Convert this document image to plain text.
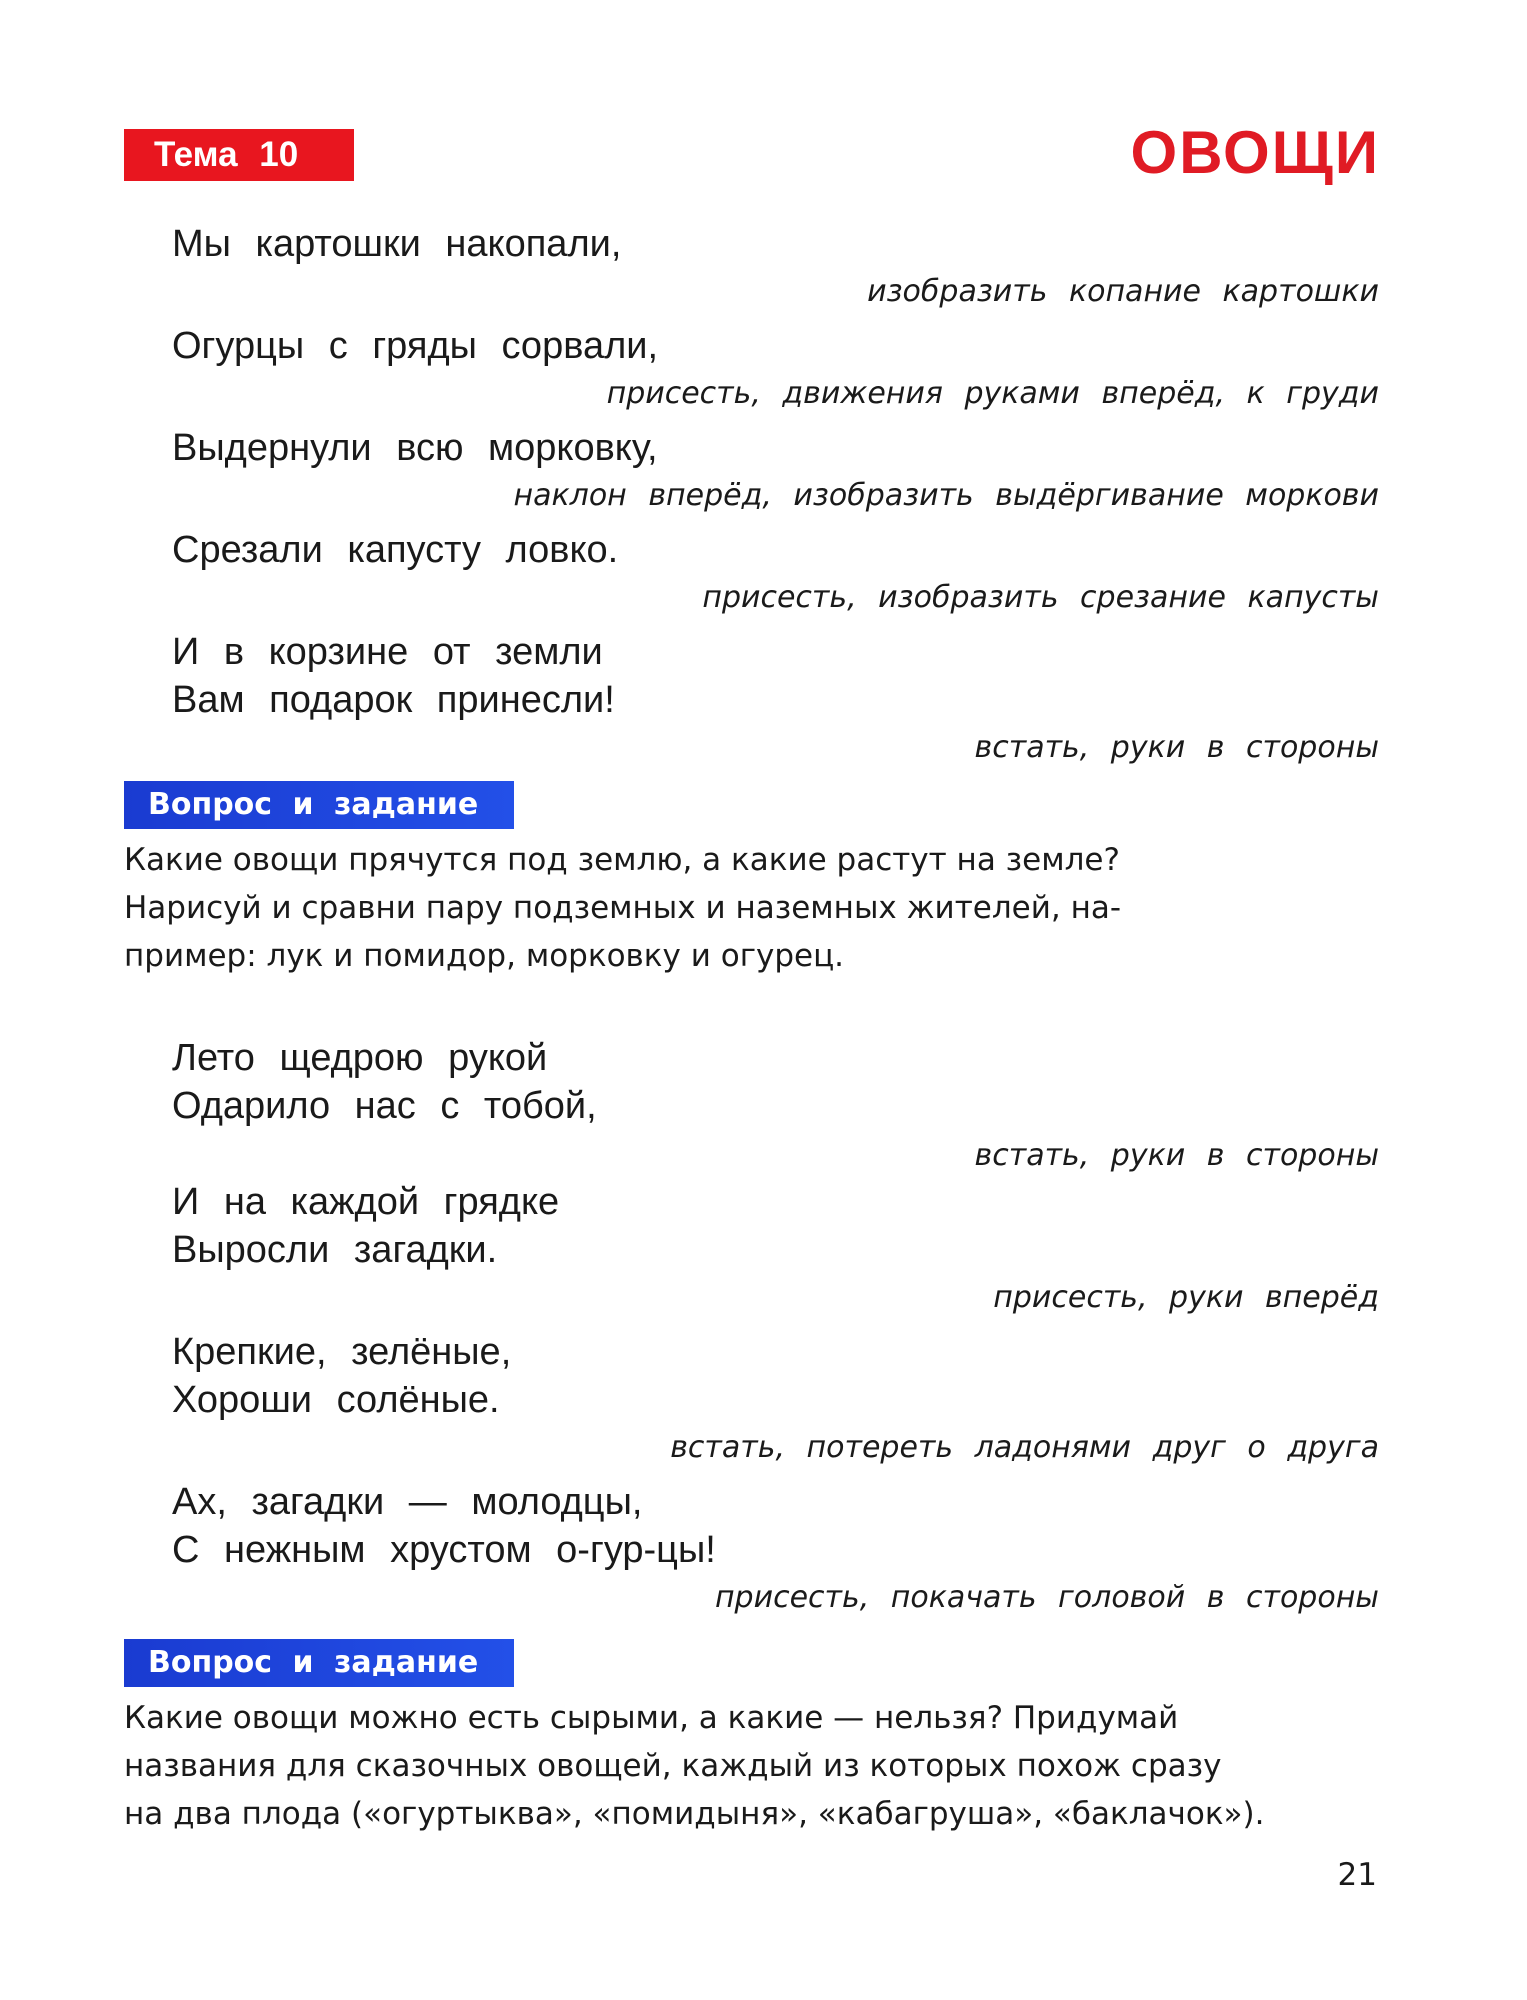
Тема 10	ОВОЩИ
Мы картошки накопали,
изобразить копание картошки
Огурцы с гряды сорвали,
присесть, движения руками вперёд, к груди
Выдернули всю морковку,
наклон вперёд, изобразить выдёргивание моркови
Срезали капусту ловко.
присесть, изобразить срезание капусты
И в корзине от земли
Вам подарок принесли!
встать, руки в стороны
Вопрос и задание
Какие овощи прячутся под землю, а какие растут на земле?
Нарисуй и сравни пару подземных и наземных жителей, на-
пример: лук и помидор, морковку и огурец.
Лето щедрою рукой
Одарило нас с тобой,
встать, руки в стороны
И на каждой грядке
Выросли загадки.
присесть, руки вперёд
Крепкие, зелёные,
Хороши солёные.
встать, потереть ладонями друг о друга
Ах, загадки — молодцы,
С нежным хрустом о-гур-цы!
присесть, покачать головой в стороны
Вопрос и задание
Какие овощи можно есть сырыми, а какие — нельзя? Придумай
названия для сказочных овощей, каждый из которых похож сразу
на два плода («огуртыква», «помидыня», «кабагруша», «баклачок»).
21
